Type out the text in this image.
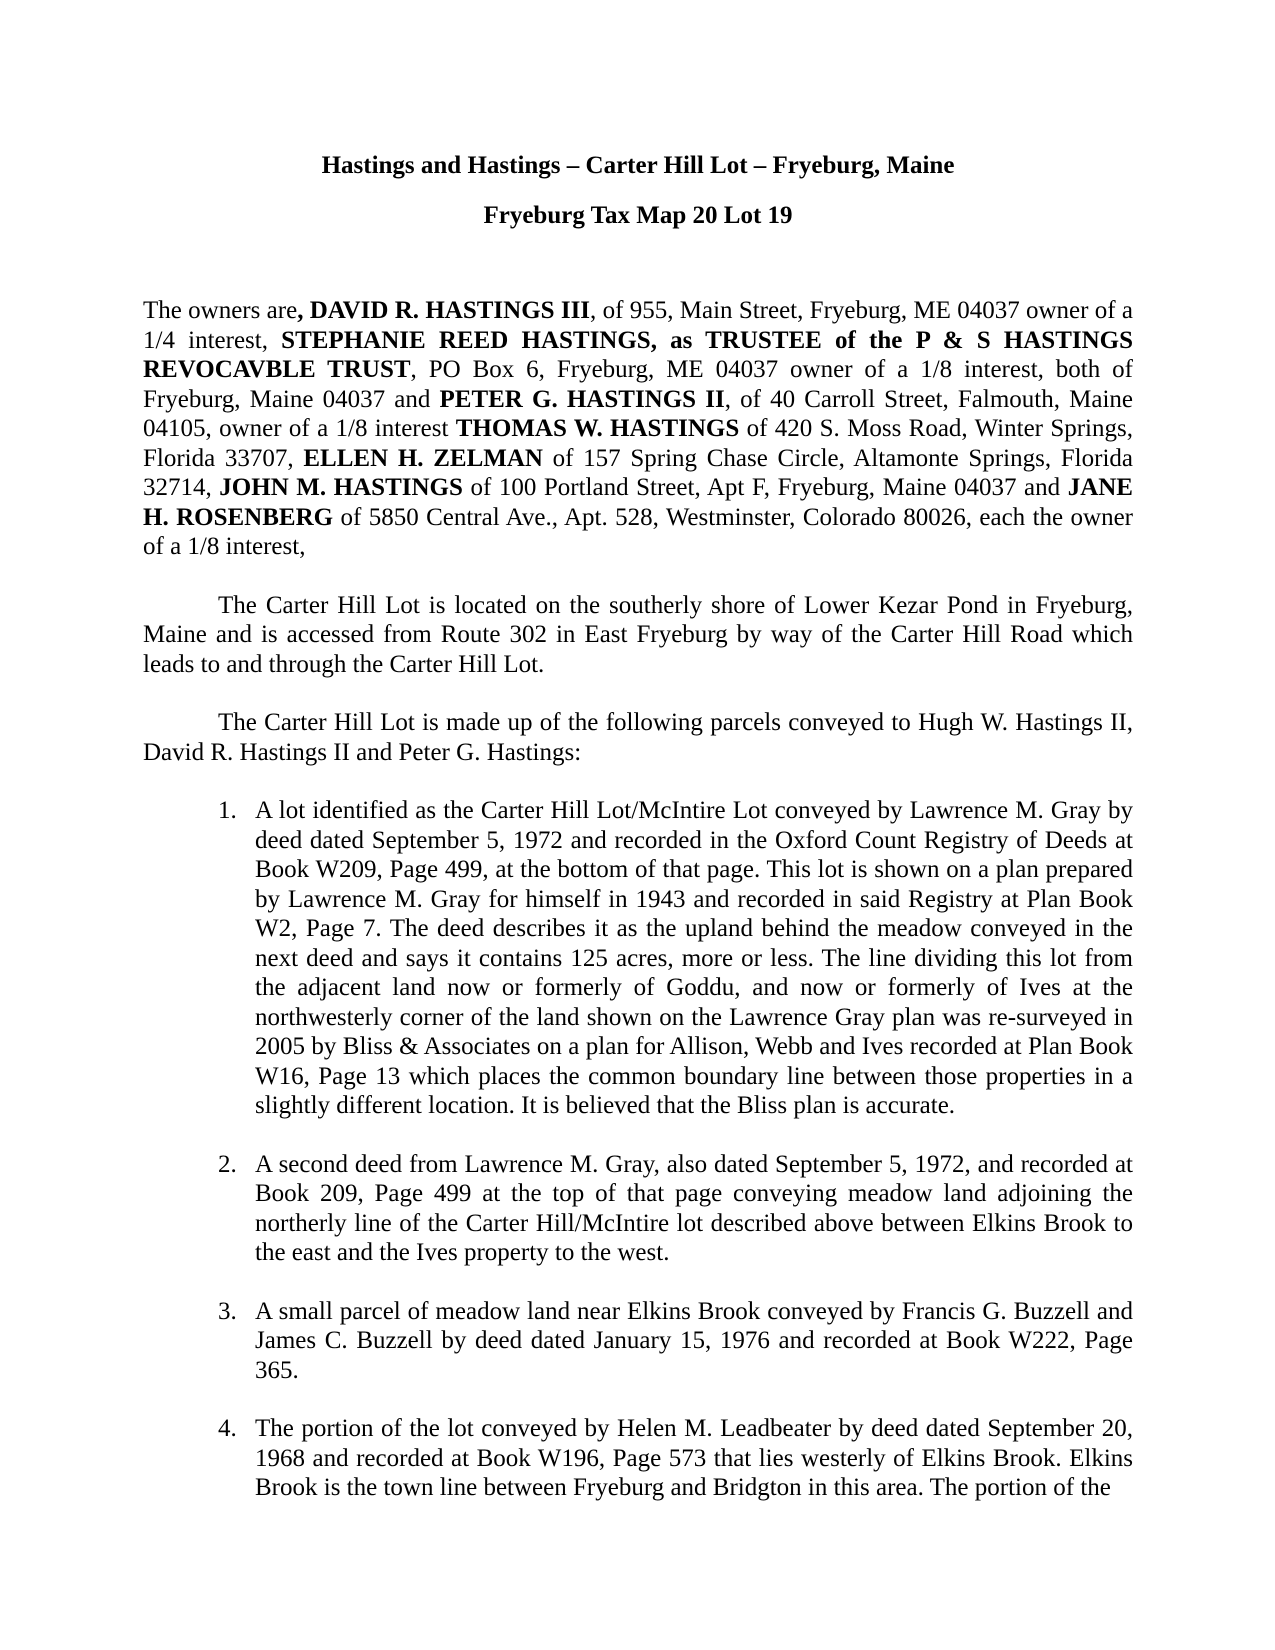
Hastings and Hastings – Carter Hill Lot – Fryeburg, Maine

Fryeburg Tax Map 20 Lot 19

The owners are, DAVID R. HASTINGS III, of 955, Main Street, Fryeburg, ME 04037 owner of a 1/4 interest, STEPHANIE REED HASTINGS, as TRUSTEE of the P & S HASTINGS REVOCAVBLE TRUST, PO Box 6, Fryeburg, ME 04037 owner of a 1/8 interest, both of Fryeburg, Maine 04037 and PETER G. HASTINGS II, of 40 Carroll Street, Falmouth, Maine 04105, owner of a 1/8 interest THOMAS W. HASTINGS of 420 S. Moss Road, Winter Springs, Florida 33707, ELLEN H. ZELMAN of 157 Spring Chase Circle, Altamonte Springs, Florida 32714, JOHN M. HASTINGS of 100 Portland Street, Apt F, Fryeburg, Maine 04037 and JANE H. ROSENBERG of 5850 Central Ave., Apt. 528, Westminster, Colorado 80026, each the owner of a 1/8 interest,

The Carter Hill Lot is located on the southerly shore of Lower Kezar Pond in Fryeburg, Maine and is accessed from Route 302 in East Fryeburg by way of the Carter Hill Road which leads to and through the Carter Hill Lot.

The Carter Hill Lot is made up of the following parcels conveyed to Hugh W. Hastings II, David R. Hastings II and Peter G. Hastings:

A lot identified as the Carter Hill Lot/McIntire Lot conveyed by Lawrence M. Gray by deed dated September 5, 1972 and recorded in the Oxford Count Registry of Deeds at Book W209, Page 499, at the bottom of that page. This lot is shown on a plan prepared by Lawrence M. Gray for himself in 1943 and recorded in said Registry at Plan Book W2, Page 7. The deed describes it as the upland behind the meadow conveyed in the next deed and says it contains 125 acres, more or less. The line dividing this lot from the adjacent land now or formerly of Goddu, and now or formerly of Ives at the northwesterly corner of the land shown on the Lawrence Gray plan was re-surveyed in 2005 by Bliss & Associates on a plan for Allison, Webb and Ives recorded at Plan Book W16, Page 13 which places the common boundary line between those properties in a slightly different location. It is believed that the Bliss plan is accurate.
A second deed from Lawrence M. Gray, also dated September 5, 1972, and recorded at Book 209, Page 499 at the top of that page conveying meadow land adjoining the northerly line of the Carter Hill/McIntire lot described above between Elkins Brook to the east and the Ives property to the west.
A small parcel of meadow land near Elkins Brook conveyed by Francis G. Buzzell and James C. Buzzell by deed dated January 15, 1976 and recorded at Book W222, Page 365.
The portion of the lot conveyed by Helen M. Leadbeater by deed dated September 20, 1968 and recorded at Book W196, Page 573 that lies westerly of Elkins Brook. Elkins Brook is the town line between Fryeburg and Bridgton in this area. The portion of the
